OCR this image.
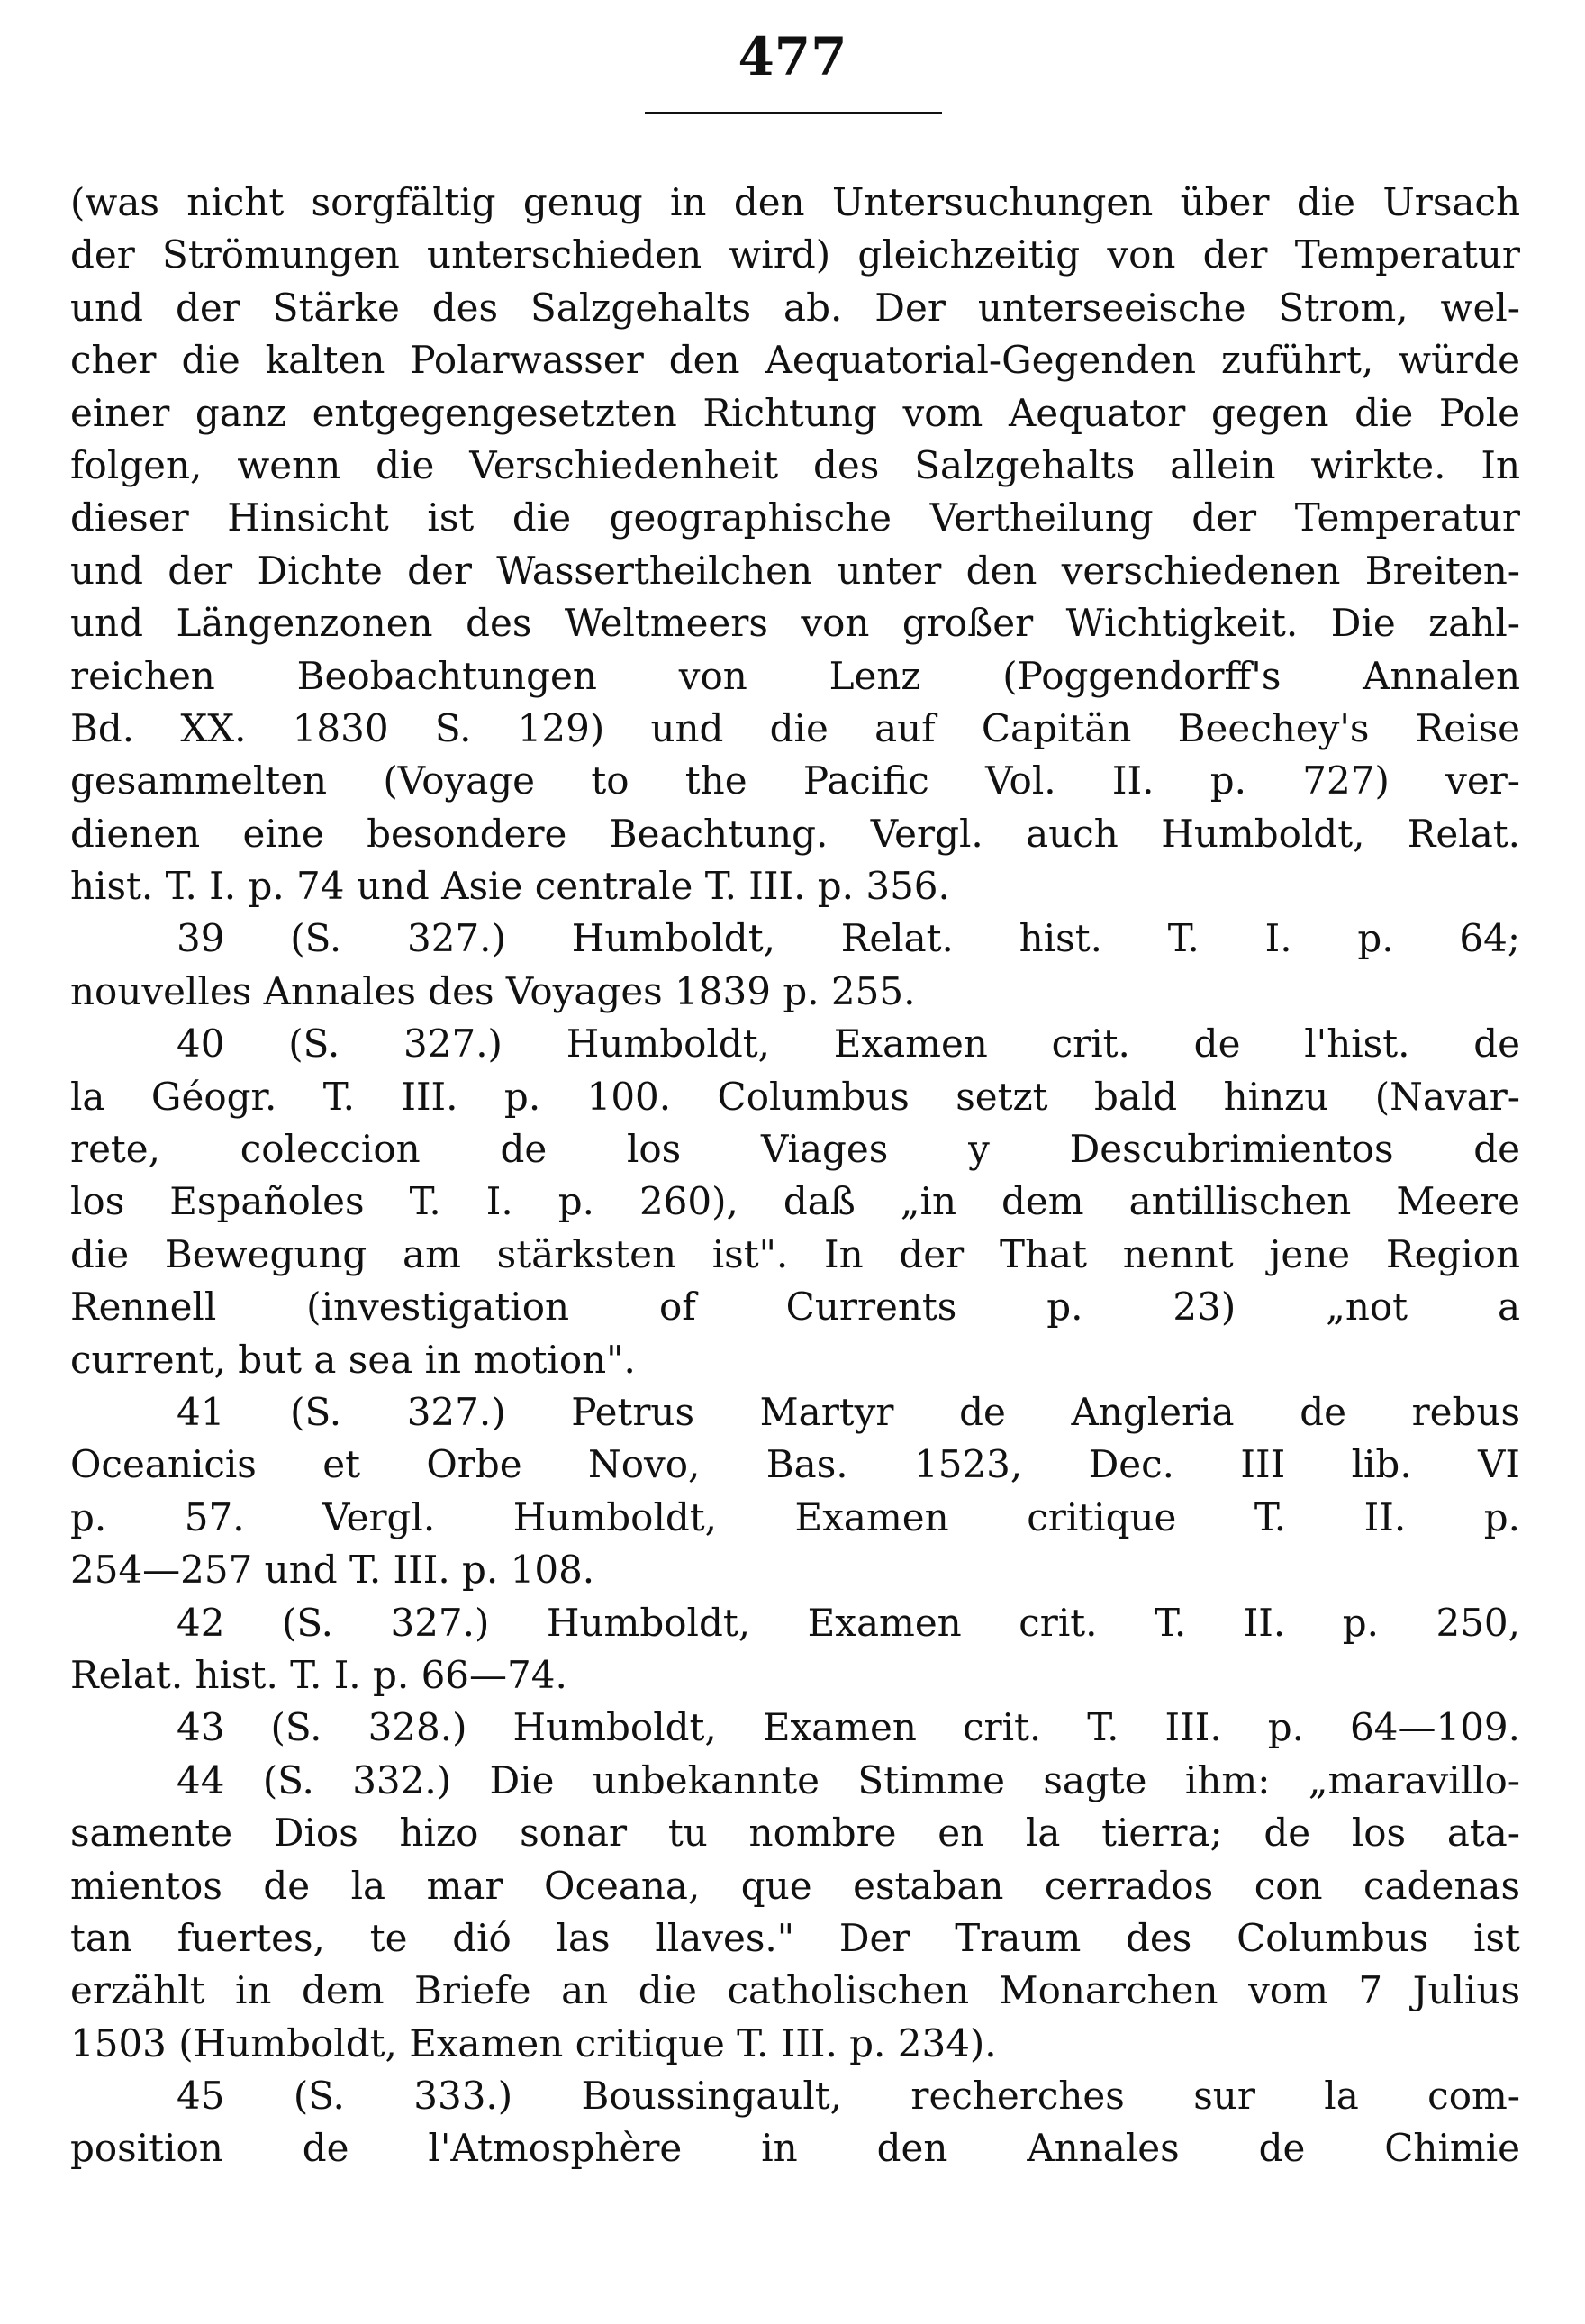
477
(was nicht sorgfältig genug in den Untersuchungen über die Ursach
der Strömungen unterschieden wird) gleichzeitig von der Temperatur
und der Stärke des Salzgehalts ab. Der unterseeische Strom, wel-
cher die kalten Polarwasser den Aequatorial-Gegenden zuführt, würde
einer ganz entgegengesetzten Richtung vom Aequator gegen die Pole
folgen, wenn die Verschiedenheit des Salzgehalts allein wirkte. In
dieser Hinsicht ist die geographische Vertheilung der Temperatur
und der Dichte der Wassertheilchen unter den verschiedenen Breiten-
und Längenzonen des Weltmeers von großer Wichtigkeit. Die zahl-
reichen Beobachtungen von Lenz (Poggendorff's Annalen
Bd. XX. 1830 S. 129) und die auf Capitän Beechey's Reise
gesammelten (Voyage to the Pacific Vol. II. p. 727) ver-
dienen eine besondere Beachtung. Vergl. auch Humboldt, Relat.
hist. T. I. p. 74 und Asie centrale T. III. p. 356.
39 (S. 327.) Humboldt, Relat. hist. T. I. p. 64;
nouvelles Annales des Voyages 1839 p. 255.
40 (S. 327.) Humboldt, Examen crit. de l'hist. de
la Géogr. T. III. p. 100. Columbus setzt bald hinzu (Navar-
rete, coleccion de los Viages y Descubrimientos de
los Españoles T. I. p. 260), daß „in dem antillischen Meere
die Bewegung am stärksten ist". In der That nennt jene Region
Rennell (investigation of Currents p. 23) „not a
current, but a sea in motion".
41 (S. 327.) Petrus Martyr de Angleria de rebus
Oceanicis et Orbe Novo, Bas. 1523, Dec. III lib. VI
p. 57. Vergl. Humboldt, Examen critique T. II. p.
254—257 und T. III. p. 108.
42 (S. 327.) Humboldt, Examen crit. T. II. p. 250,
Relat. hist. T. I. p. 66—74.
43 (S. 328.) Humboldt, Examen crit. T. III. p. 64—109.
44 (S. 332.) Die unbekannte Stimme sagte ihm: „maravillo-
samente Dios hizo sonar tu nombre en la tierra; de los ata-
mientos de la mar Oceana, que estaban cerrados con cadenas
tan fuertes, te dió las llaves." Der Traum des Columbus ist
erzählt in dem Briefe an die catholischen Monarchen vom 7 Julius
1503 (Humboldt, Examen critique T. III. p. 234).
45 (S. 333.) Boussingault, recherches sur la com-
position de l'Atmosphère in den Annales de Chimie
